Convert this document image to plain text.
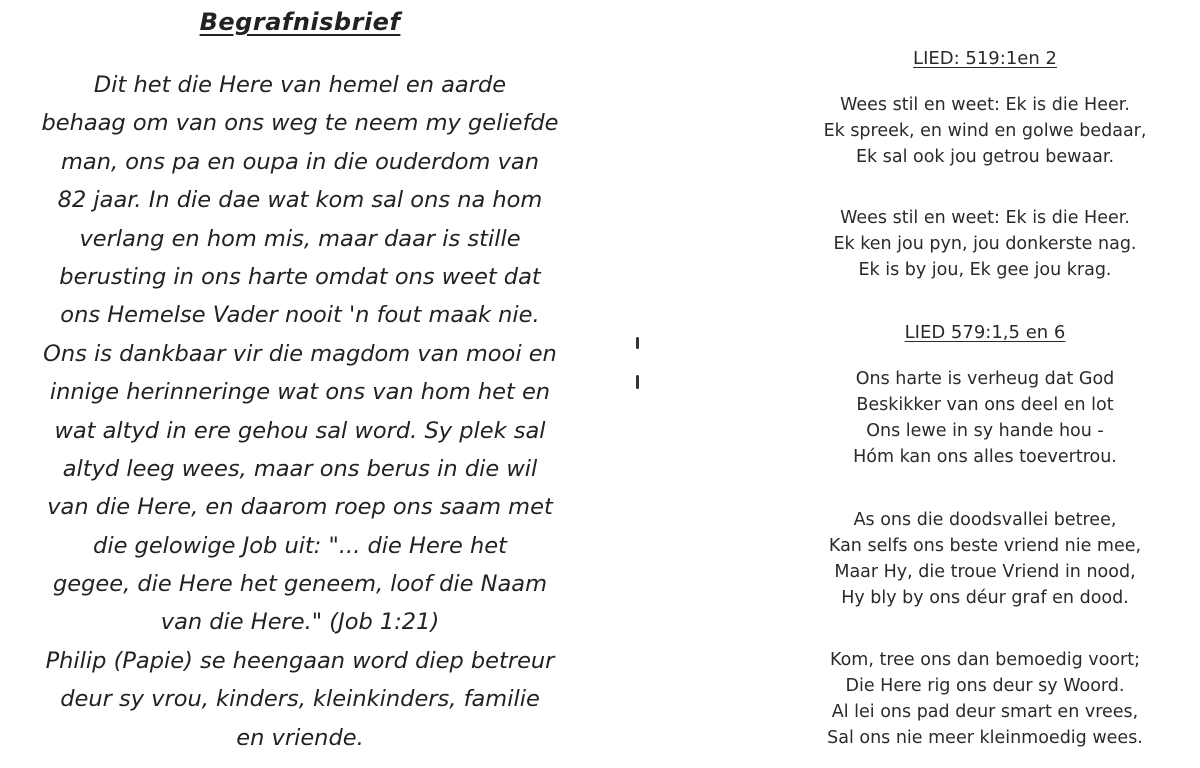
Begrafnisbrief
Dit het die Here van hemel en aarde
behaag om van ons weg te neem my geliefde
man, ons pa en oupa in die ouderdom van
82 jaar. In die dae wat kom sal ons na hom
verlang en hom mis, maar daar is stille
berusting in ons harte omdat ons weet dat
ons Hemelse Vader nooit 'n fout maak nie.
Ons is dankbaar vir die magdom van mooi en
innige herinneringe wat ons van hom het en
wat altyd in ere gehou sal word. Sy plek sal
altyd leeg wees, maar ons berus in die wil
van die Here, en daarom roep ons saam met
die gelowige Job uit: "... die Here het
gegee, die Here het geneem, loof die Naam
van die Here." (Job 1:21)
Philip (Papie) se heengaan word diep betreur
deur sy vrou, kinders, kleinkinders, familie
en vriende.
LIED: 519:1en 2
Wees stil en weet: Ek is die Heer.
Ek spreek, en wind en golwe bedaar,
Ek sal ook jou getrou bewaar.
Wees stil en weet: Ek is die Heer.
Ek ken jou pyn, jou donkerste nag.
Ek is by jou, Ek gee jou krag.
LIED 579:1,5 en 6
Ons harte is verheug dat God
Beskikker van ons deel en lot
Ons lewe in sy hande hou -
Hóm kan ons alles toevertrou.
As ons die doodsvallei betree,
Kan selfs ons beste vriend nie mee,
Maar Hy, die troue Vriend in nood,
Hy bly by ons déur graf en dood.
Kom, tree ons dan bemoedig voort;
Die Here rig ons deur sy Woord.
Al lei ons pad deur smart en vrees,
Sal ons nie meer kleinmoedig wees.
